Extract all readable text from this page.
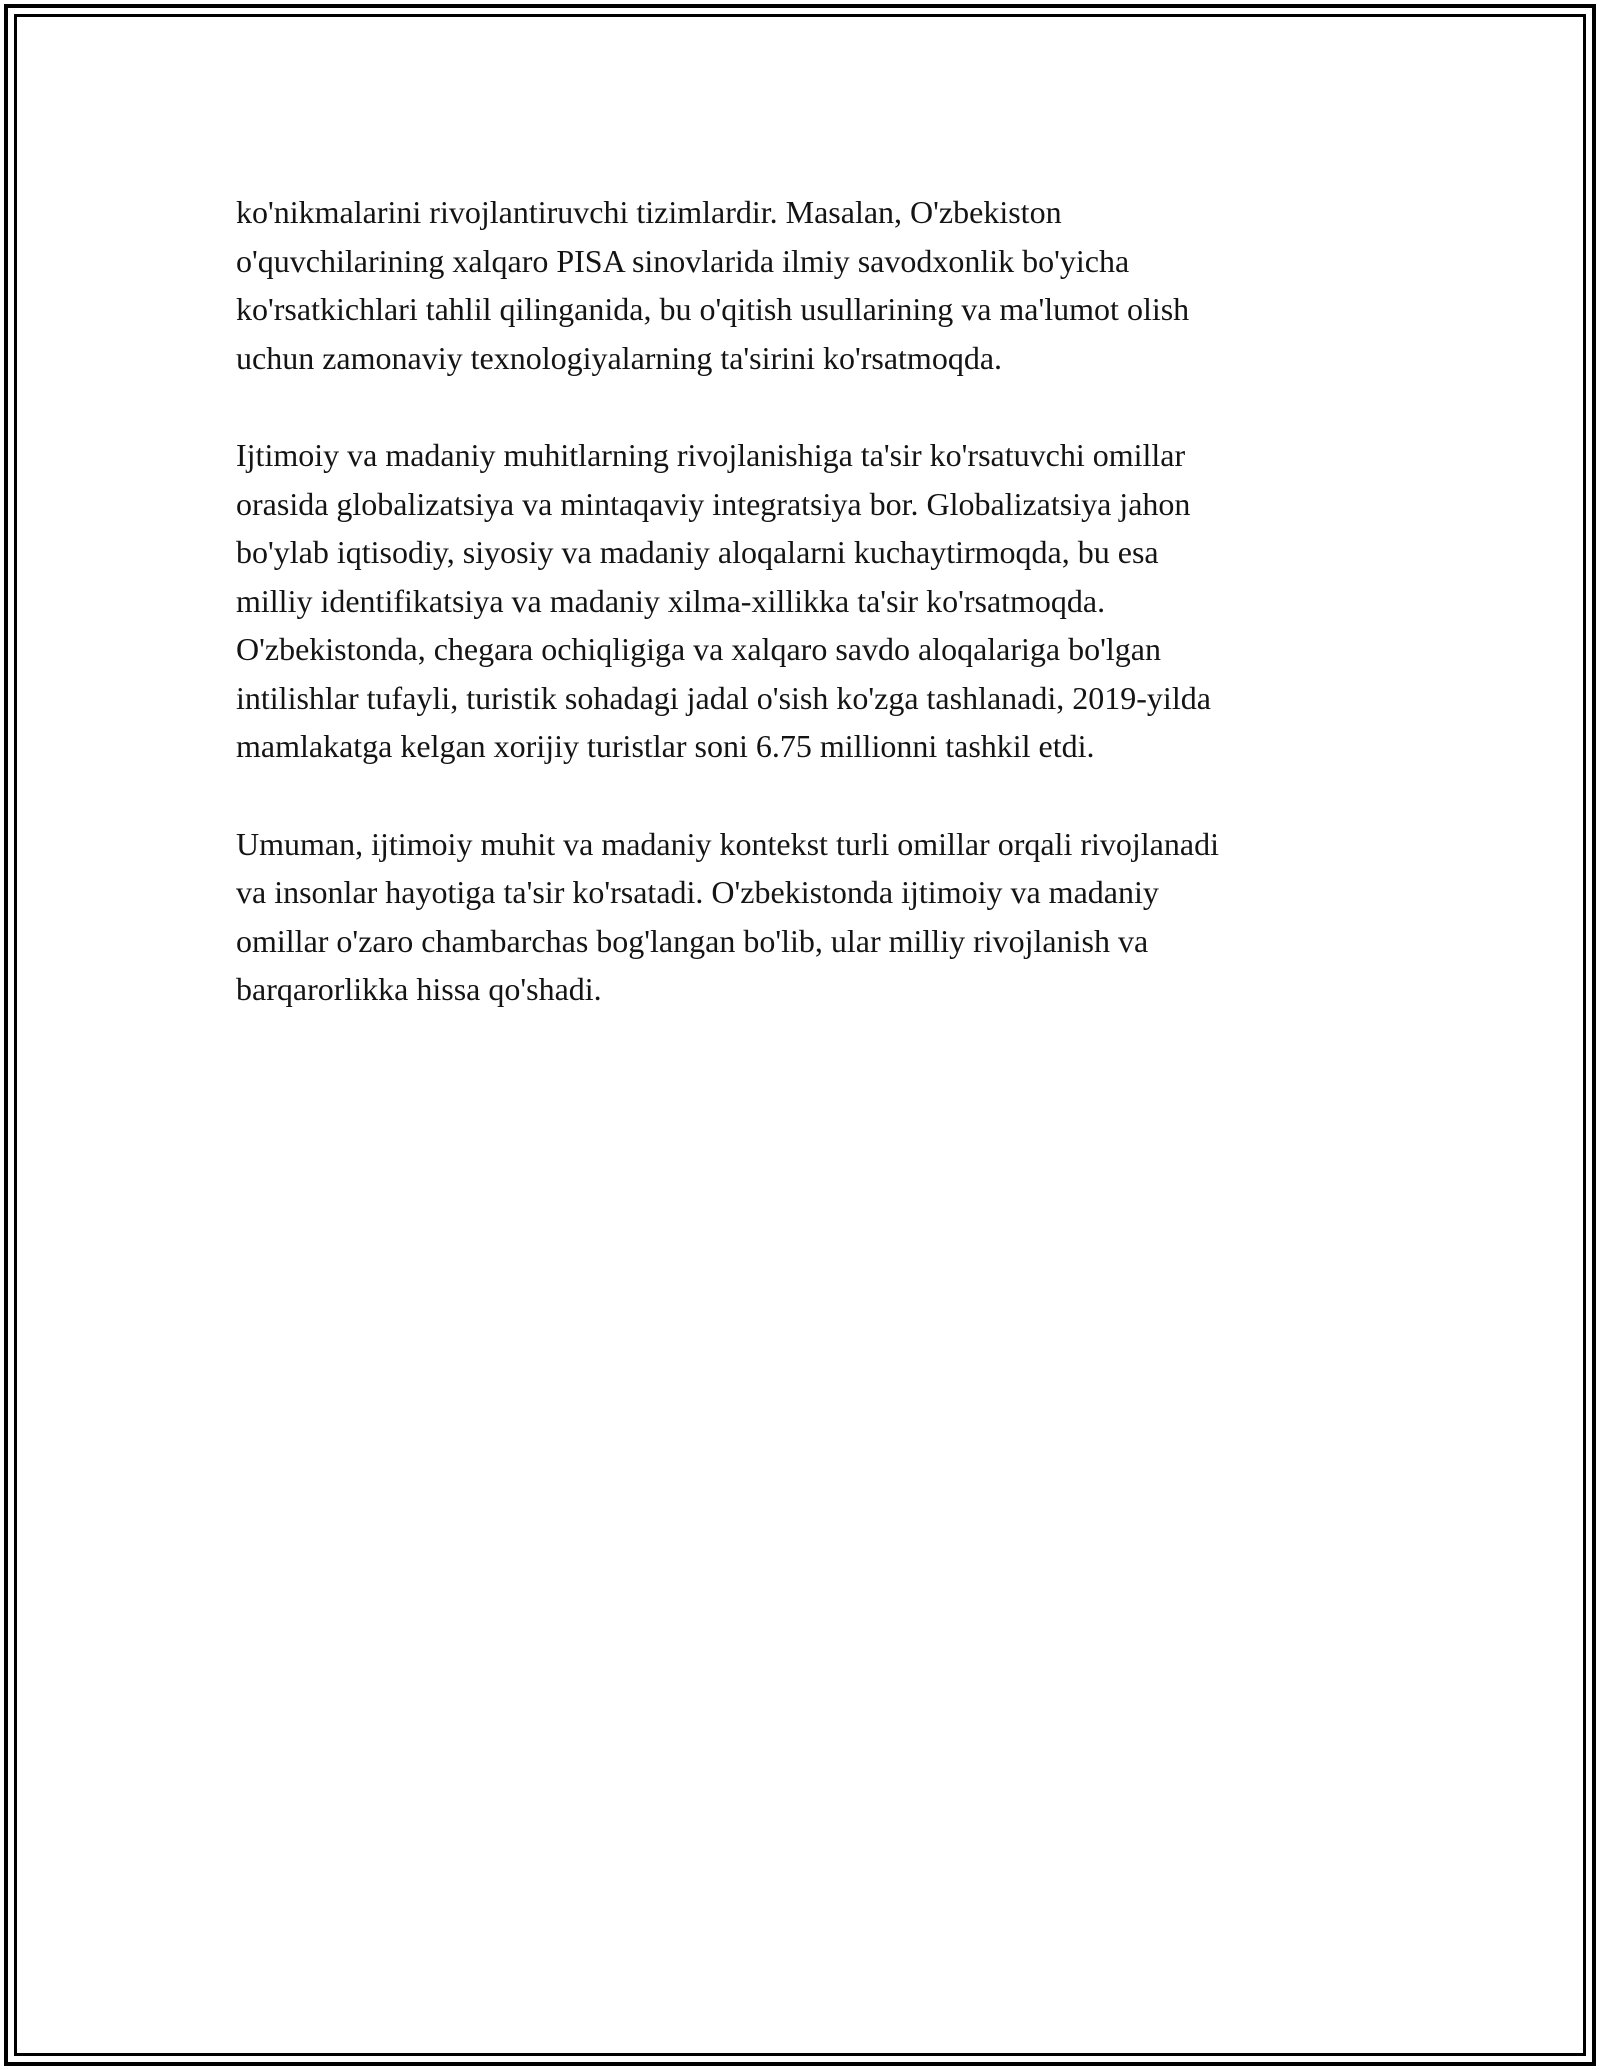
ko'nikmalarini rivojlantiruvchi tizimlardir. Masalan, O'zbekiston
o'quvchilarining xalqaro PISA sinovlarida ilmiy savodxonlik bo'yicha
ko'rsatkichlari tahlil qilinganida, bu o'qitish usullarining va ma'lumot olish
uchun zamonaviy texnologiyalarning ta'sirini ko'rsatmoqda.

Ijtimoiy va madaniy muhitlarning rivojlanishiga ta'sir ko'rsatuvchi omillar
orasida globalizatsiya va mintaqaviy integratsiya bor. Globalizatsiya jahon
bo'ylab iqtisodiy, siyosiy va madaniy aloqalarni kuchaytirmoqda, bu esa
milliy identifikatsiya va madaniy xilma-xillikka ta'sir ko'rsatmoqda.
O'zbekistonda, chegara ochiqligiga va xalqaro savdo aloqalariga bo'lgan
intilishlar tufayli, turistik sohadagi jadal o'sish ko'zga tashlanadi, 2019-yilda
mamlakatga kelgan xorijiy turistlar soni 6.75 millionni tashkil etdi.

Umuman, ijtimoiy muhit va madaniy kontekst turli omillar orqali rivojlanadi
va insonlar hayotiga ta'sir ko'rsatadi. O'zbekistonda ijtimoiy va madaniy
omillar o'zaro chambarchas bog'langan bo'lib, ular milliy rivojlanish va
barqarorlikka hissa qo'shadi.
